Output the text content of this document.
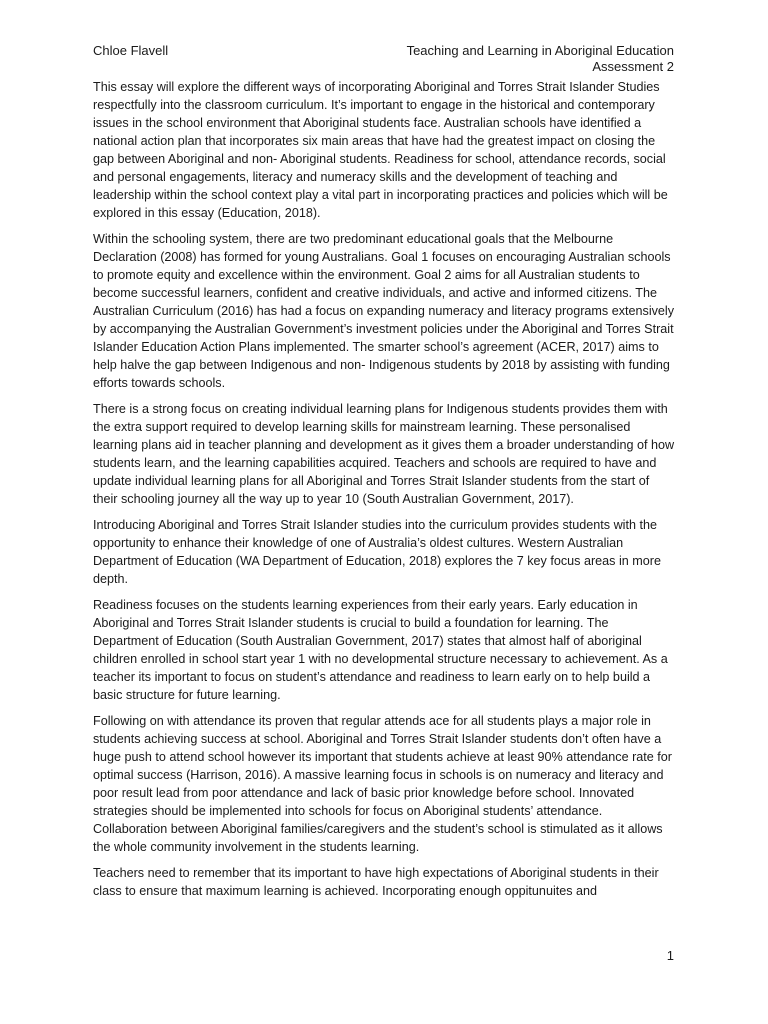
Chloe Flavell	Teaching and Learning in Aboriginal Education
Assessment 2

This essay will explore the different ways of incorporating Aboriginal and Torres Strait Islander Studies respectfully into the classroom curriculum. It’s important to engage in the historical and contemporary issues in the school environment that Aboriginal students face. Australian schools have identified a national action plan that incorporates six main areas that have had the greatest impact on closing the gap between Aboriginal and non- Aboriginal students. Readiness for school, attendance records, social and personal engagements, literacy and numeracy skills and the development of teaching and leadership within the school context play a vital part in incorporating practices and policies which will be explored in this essay (Education, 2018).

Within the schooling system, there are two predominant educational goals that the Melbourne Declaration (2008) has formed for young Australians. Goal 1 focuses on encouraging Australian schools to promote equity and excellence within the environment. Goal 2 aims for all Australian students to become successful learners, confident and creative individuals, and active and informed citizens. The Australian Curriculum (2016) has had a focus on expanding numeracy and literacy programs extensively by accompanying the Australian Government’s investment policies under the Aboriginal and Torres Strait Islander Education Action Plans implemented. The smarter school’s agreement (ACER, 2017) aims to help halve the gap between Indigenous and non- Indigenous students by 2018 by assisting with funding efforts towards schools.

There is a strong focus on creating individual learning plans for Indigenous students provides them with the extra support required to develop learning skills for mainstream learning. These personalised learning plans aid in teacher planning and development as it gives them a broader understanding of how students learn, and the learning capabilities acquired. Teachers and schools are required to have and update individual learning plans for all Aboriginal and Torres Strait Islander students from the start of their schooling journey all the way up to year 10 (South Australian Government, 2017).

Introducing Aboriginal and Torres Strait Islander studies into the curriculum provides students with the opportunity to enhance their knowledge of one of Australia’s oldest cultures. Western Australian Department of Education (WA Department of Education, 2018) explores the 7 key focus areas in more depth.

Readiness focuses on the students learning experiences from their early years. Early education in Aboriginal and Torres Strait Islander students is crucial to build a foundation for learning. The Department of Education (South Australian Government, 2017) states that almost half of aboriginal children enrolled in school start year 1 with no developmental structure necessary to achievement. As a teacher its important to focus on student’s attendance and readiness to learn early on to help build a basic structure for future learning.

Following on with attendance its proven that regular attends ace for all students plays a major role in students achieving success at school. Aboriginal and Torres Strait Islander students don’t often have a huge push to attend school however its important that students achieve at least 90% attendance rate for optimal success (Harrison, 2016). A massive learning focus in schools is on numeracy and literacy and poor result lead from poor attendance and lack of basic prior knowledge before school. Innovated strategies should be implemented into schools for focus on Aboriginal students’ attendance. Collaboration between Aboriginal families/caregivers and the student’s school is stimulated as it allows the whole community involvement in the students learning.

Teachers need to remember that its important to have high expectations of Aboriginal students in their class to ensure that maximum learning is achieved. Incorporating enough oppitunuites and

1
